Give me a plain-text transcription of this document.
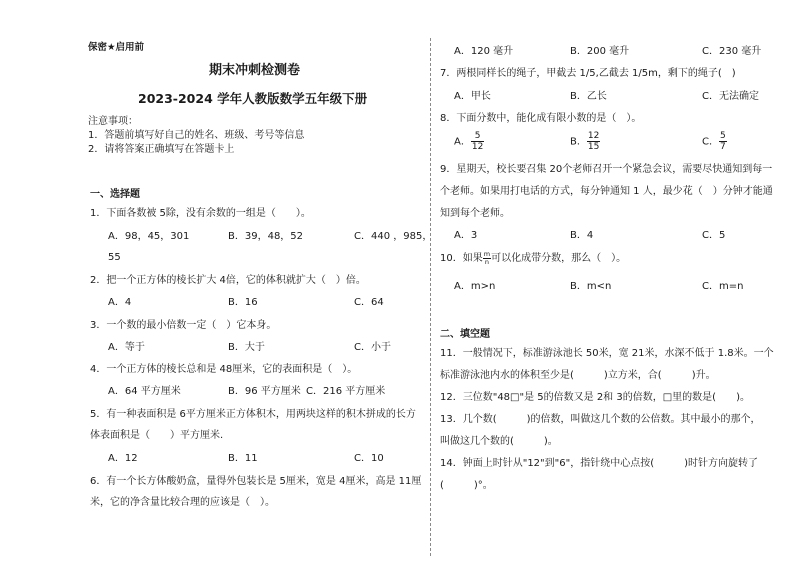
保密★启用前
期末冲刺检测卷
2023-2024 学年人教版数学五年级下册
注意事项：
1．答题前填写好自己的姓名、班级、考号等信息
2．请将答案正确填写在答题卡上
一、选择题
1．下面各数被 5除，没有余数的一组是（　　）。
A．98，45，301	B．39，48，52	C．440 ，985，
55
2．把一个正方体的棱长扩大 4倍，它的体积就扩大（　）倍。
A．4	B．16	C．64
3．一个数的最小倍数一定（　）它本身。
A．等于	B．大于	C．小于
4．一个正方体的棱长总和是 48厘米，它的表面积是（　）。
A．64 平方厘米	B．96 平方厘米 C．216 平方厘米
5．有一种表面积是 6平方厘米正方体积木，用两块这样的积木拼成的长方
体表面积是（　　）平方厘米.
A．12	B．11	C．10
6．有一个长方体酸奶盒，量得外包装长是 5厘米，宽是 4厘米，高是 11厘
米，它的净含量比较合理的应该是（　）。
A．120 毫升	B．200 毫升	C．230 毫升
7．两根同样长的绳子，甲截去 1/5,乙截去 1/5m，剩下的绳子(　)
A．甲长	B．乙长	C．无法确定
8．下面分数中，能化成有限小数的是（　）。
A． $\frac{5}{12}$	B． $\frac{12}{15}$	C． $\frac{5}{7}$
9．星期天，校长要召集 20个老师召开一个紧急会议，需要尽快通知到每一
个老师。如果用打电话的方式，每分钟通知 1 人，最少花（　）分钟才能通
知到每个老师。
A．3	B．4	C．5
10．如果 $\frac{m}{n}$ 可以化成带分数，那么（　）。
A．m>n	B．m<n	C．m=n
二、填空题
11．一般情况下，标准游泳池长 50米，宽 21米，水深不低于 1.8米。一个
标准游泳池内水的体积至少是(　　　)立方米，合(　　　)升。
12．三位数"48□"是 5的倍数又是 2和 3的倍数，□里的数是(　　)。
13．几个数(　　　)的倍数，叫做这几个数的公倍数。其中最小的那个，
叫做这几个数的(　　　)。
14．钟面上时针从"12"到"6"，指针绕中心点按(　　　)时针方向旋转了
(　　　)°。
